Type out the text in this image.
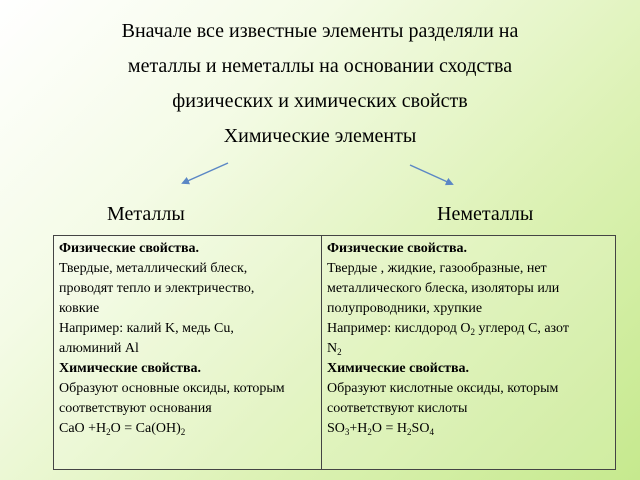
Вначале все известные элементы разделяли на
металлы и неметаллы на основании сходства
физических и химических свойств
Химические элементы
Металлы	Неметаллы
Физические свойства.
Твердые, металлический блеск,
проводят тепло и электричество,
ковкие
Например: калий K, медь Cu,
алюминий Al
Химические свойства.
Образуют основные оксиды, которым
соответствуют основания
CaO $+H_2O = Ca(OH)_2$
Физические свойства.
Твердые , жидкие, газообразные, нет
металлического блеска, изоляторы или
полупроводники, хрупкие
Например: кислдород $O_2$ углерод C, азот
$N_2$
Химические свойства.
Образуют кислотные оксиды, которым
соответствуют кислоты
$SO_3+H_2O = H_2SO_4$
